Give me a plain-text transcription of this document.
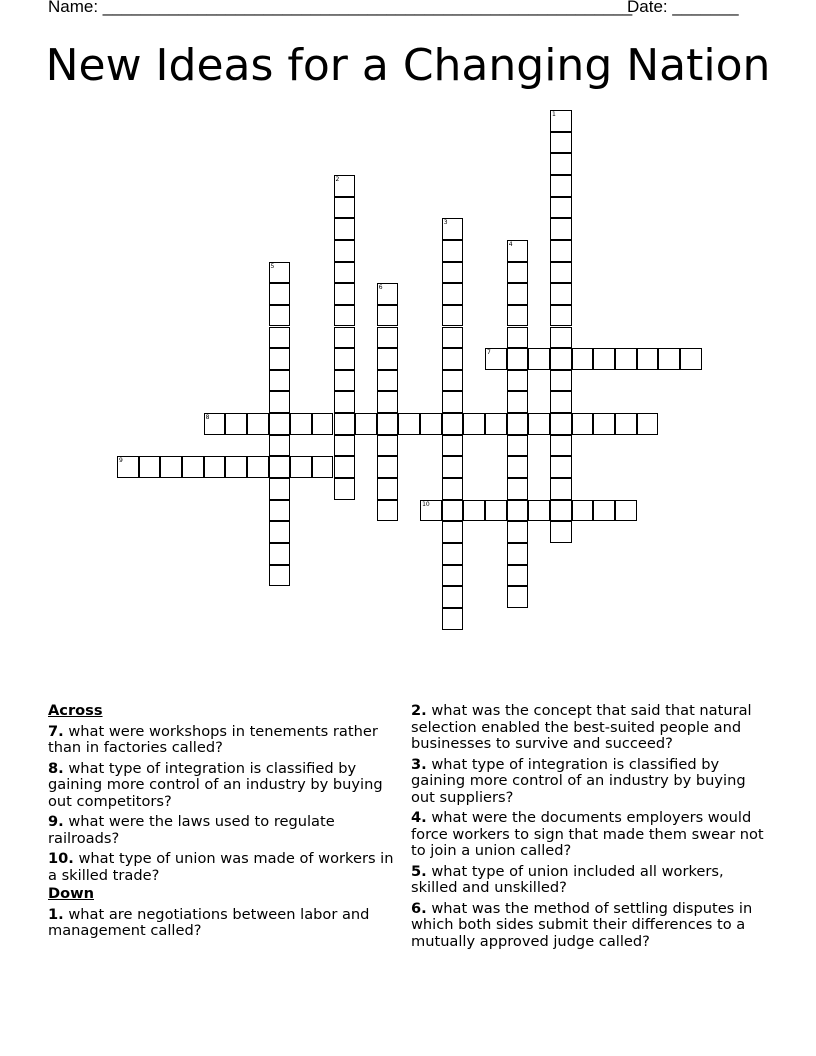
Name: ________________________________________________________
Date: _______
New Ideas for a Changing Nation
1
2
3
4
5
6
7
8
9
10
Across
7. what were workshops in tenements rather than in factories called?
8. what type of integration is classified by gaining more control of an industry by buying out competitors?
9. what were the laws used to regulate railroads?
10. what type of union was made of workers in a skilled trade?
Down
1. what are negotiations between labor and management called?
2. what was the concept that said that natural selection enabled the best-suited people and businesses to survive and succeed?
3. what type of integration is classified by gaining more control of an industry by buying out suppliers?
4. what were the documents employers would force workers to sign that made them swear not to join a union called?
5. what type of union included all workers, skilled and unskilled?
6. what was the method of settling disputes in which both sides submit their differences to a mutually approved judge called?
